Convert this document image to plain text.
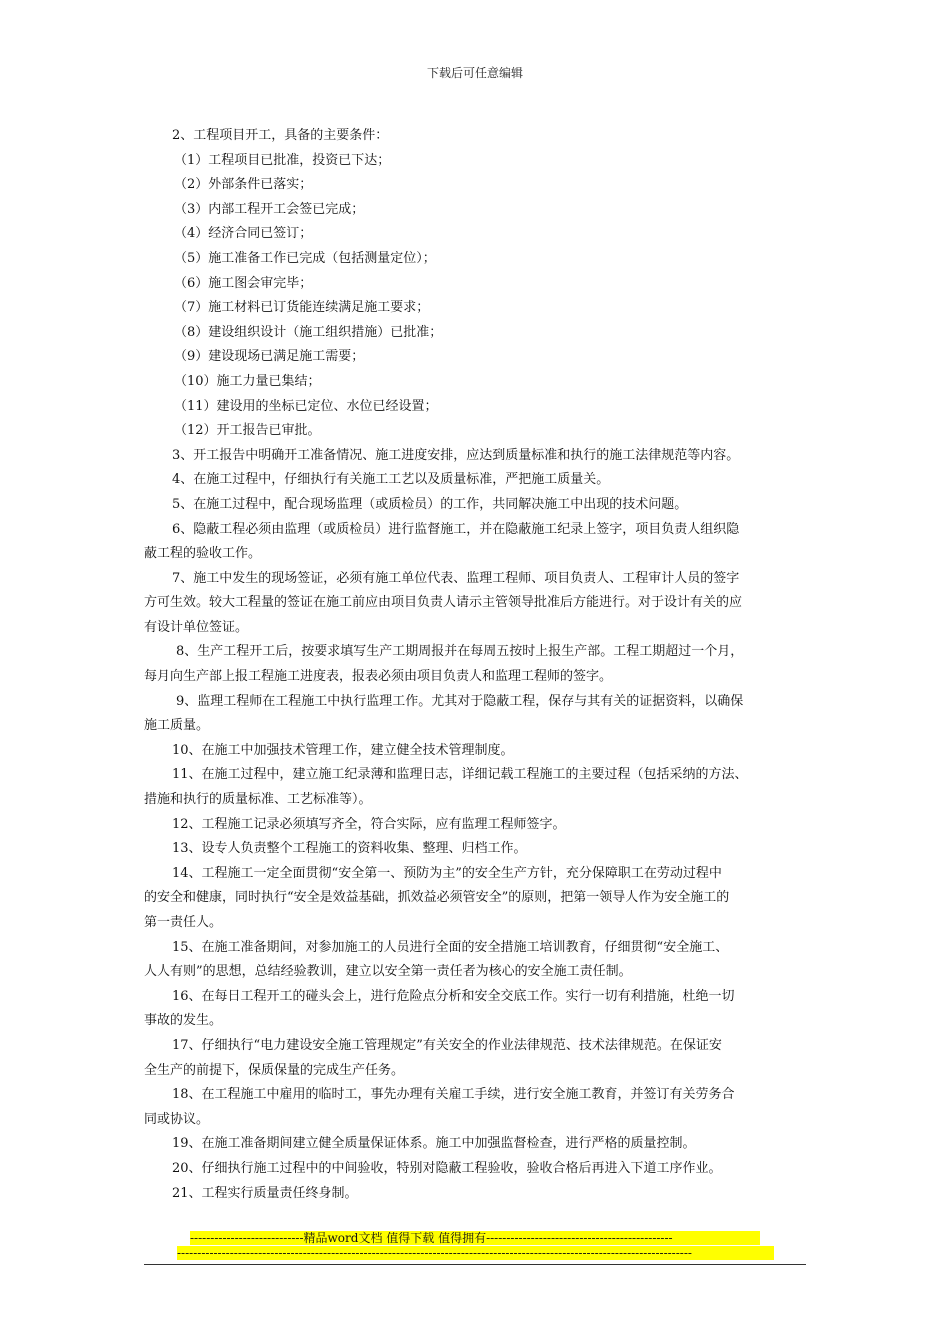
下载后可任意编辑
2、工程项目开工，具备的主要条件：
（1）工程项目已批准，投资已下达；
（2）外部条件已落实；
（3）内部工程开工会签已完成；
（4）经济合同已签订；
（5）施工准备工作已完成（包括测量定位）；
（6）施工图会审完毕；
（7）施工材料已订货能连续满足施工要求；
（8）建设组织设计（施工组织措施）已批准；
（9）建设现场已满足施工需要；
（10）施工力量已集结；
（11）建设用的坐标已定位、水位已经设置；
（12）开工报告已审批。
3、开工报告中明确开工准备情况、施工进度安排，应达到质量标准和执行的施工法律规范等内容。
4、在施工过程中，仔细执行有关施工工艺以及质量标准，严把施工质量关。
5、在施工过程中，配合现场监理（或质检员）的工作，共同解决施工中出现的技术问题。
6、隐蔽工程必须由监理（或质检员）进行监督施工，并在隐蔽施工纪录上签字，项目负责人组织隐
蔽工程的验收工作。
7、施工中发生的现场签证，必须有施工单位代表、监理工程师、项目负责人、工程审计人员的签字
方可生效。较大工程量的签证在施工前应由项目负责人请示主管领导批准后方能进行。对于设计有关的应
有设计单位签证。
8、生产工程开工后，按要求填写生产工期周报并在每周五按时上报生产部。工程工期超过一个月，
每月向生产部上报工程施工进度表，报表必须由项目负责人和监理工程师的签字。
9、监理工程师在工程施工中执行监理工作。尤其对于隐蔽工程，保存与其有关的证据资料，以确保
施工质量。
10、在施工中加强技术管理工作，建立健全技术管理制度。
11、在施工过程中，建立施工纪录薄和监理日志，详细记载工程施工的主要过程（包括采纳的方法、
措施和执行的质量标准、工艺标准等）。
12、工程施工记录必须填写齐全，符合实际，应有监理工程师签字。
13、设专人负责整个工程施工的资料收集、整理、归档工作。
14、工程施工一定全面贯彻“安全第一、预防为主”的安全生产方针，充分保障职工在劳动过程中
的安全和健康，同时执行“安全是效益基础，抓效益必须管安全”的原则，把第一领导人作为安全施工的
第一责任人。
15、在施工准备期间，对参加施工的人员进行全面的安全措施工培训教育，仔细贯彻“安全施工、
人人有则”的思想，总结经验教训，建立以安全第一责任者为核心的安全施工责任制。
16、在每日工程开工的碰头会上，进行危险点分析和安全交底工作。实行一切有利措施，杜绝一切
事故的发生。
17、仔细执行“电力建设安全施工管理规定”有关安全的作业法律规范、技术法律规范。在保证安
全生产的前提下，保质保量的完成生产任务。
18、在工程施工中雇用的临时工，事先办理有关雇工手续，进行安全施工教育，并签订有关劳务合
同或协议。
19、在施工准备期间建立健全质量保证体系。施工中加强监督检查，进行严格的质量控制。
20、仔细执行施工过程中的中间验收，特别对隐蔽工程验收，验收合格后再进入下道工序作业。
21、工程实行质量责任终身制。
----------------------------精品word文档 值得下载 值得拥有----------------------------------------------
-------------------------------------------------------------------------------------------------------------------------------
